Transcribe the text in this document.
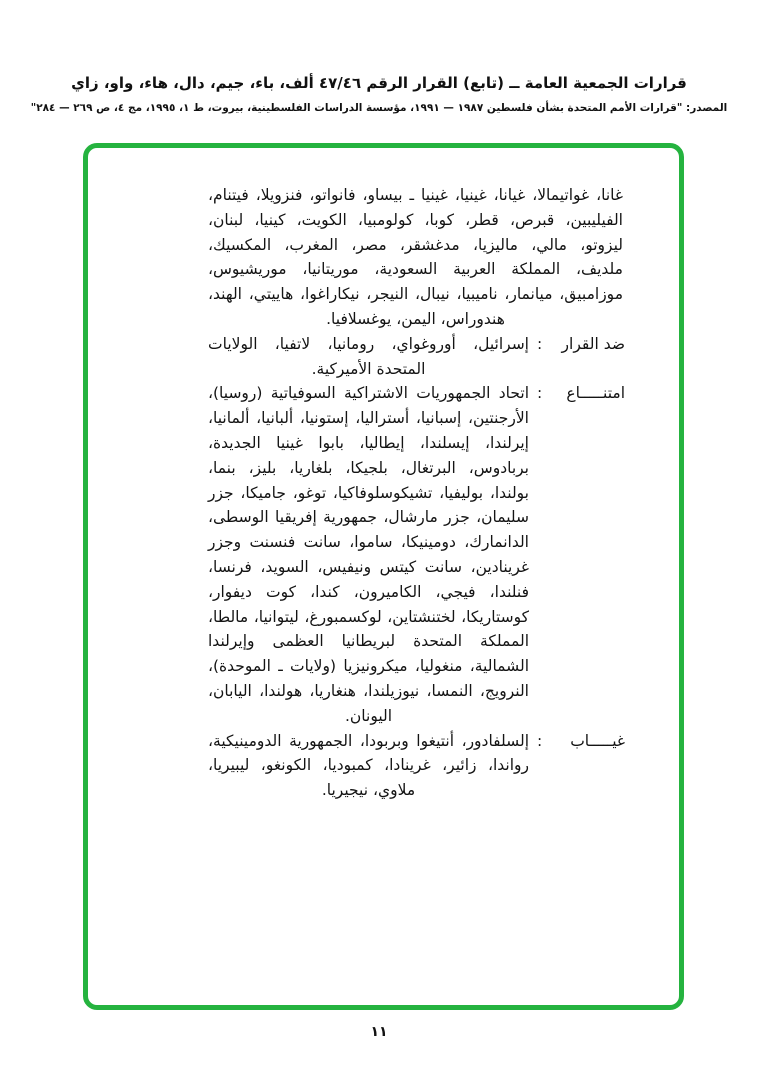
قرارات الجمعية العامة ــ (تابع) القرار الرقم ٤٧/٤٦ ألف، باء، جيم، دال، هاء، واو، زاي
المصدر: "قرارات الأمم المتحدة بشأن فلسطين ١٩٨٧ — ١٩٩١، مؤسسة الدراسات الفلسطينية، بيروت، ط ١، ١٩٩٥، مج ٤، ص ٢٦٩ — ٢٨٤"
غانا، غواتيمالا، غيانا، غينيا، غينيا ـ بيساو، فانواتو، فنزويلا، فيتنام، الفيليبين، قبرص، قطر، كوبا، كولومبيا، الكويت، كينيا، لبنان، ليزوتو، مالي، ماليزيا، مدغشقر، مصر، المغرب، المكسيك، ملديف، المملكة العربية السعودية، موريتانيا، موريشيوس، موزامبيق، ميانمار، ناميبيا، نيبال، النيجر، نيكاراغوا، هاييتي، الهند، هندوراس، اليمن، يوغسلافيا.
ضد القرار
:
إسرائيل، أوروغواي، رومانيا، لاتفيا، الولايات المتحدة الأميركية.
امتنـــــاع
:
اتحاد الجمهوريات الاشتراكية السوفياتية (روسيا)، الأرجنتين، إسبانيا، أستراليا، إستونيا، ألبانيا، ألمانيا، إيرلندا، إيسلندا، إيطاليا، بابوا غينيا الجديدة، بربادوس، البرتغال، بلجيكا، بلغاريا، بليز، بنما، بولندا، بوليفيا، تشيكوسلوفاكيا، توغو، جاميكا، جزر سليمان، جزر مارشال، جمهورية إفريقيا الوسطى، الدانمارك، دومينيكا، ساموا، سانت فنسنت وجزر غرينادين، سانت كيتس ونيفيس، السويد، فرنسا، فنلندا، فيجي، الكاميرون، كندا، كوت ديفوار، كوستاريكا، لختنشتاين، لوكسمبورغ، ليتوانيا، مالطا، المملكة المتحدة لبريطانيا العظمى وإيرلندا الشمالية، منغوليا، ميكرونيزيا (ولايات ـ الموحدة)، النرويج، النمسا، نيوزيلندا، هنغاريا، هولندا، اليابان، اليونان.
غيـــــاب
:
إلسلفادور، أنتيغوا وبربودا، الجمهورية الدومينيكية، رواندا، زائير، غرينادا، كمبوديا، الكونغو، ليبيريا، ملاوي، نيجيريا.
١١
